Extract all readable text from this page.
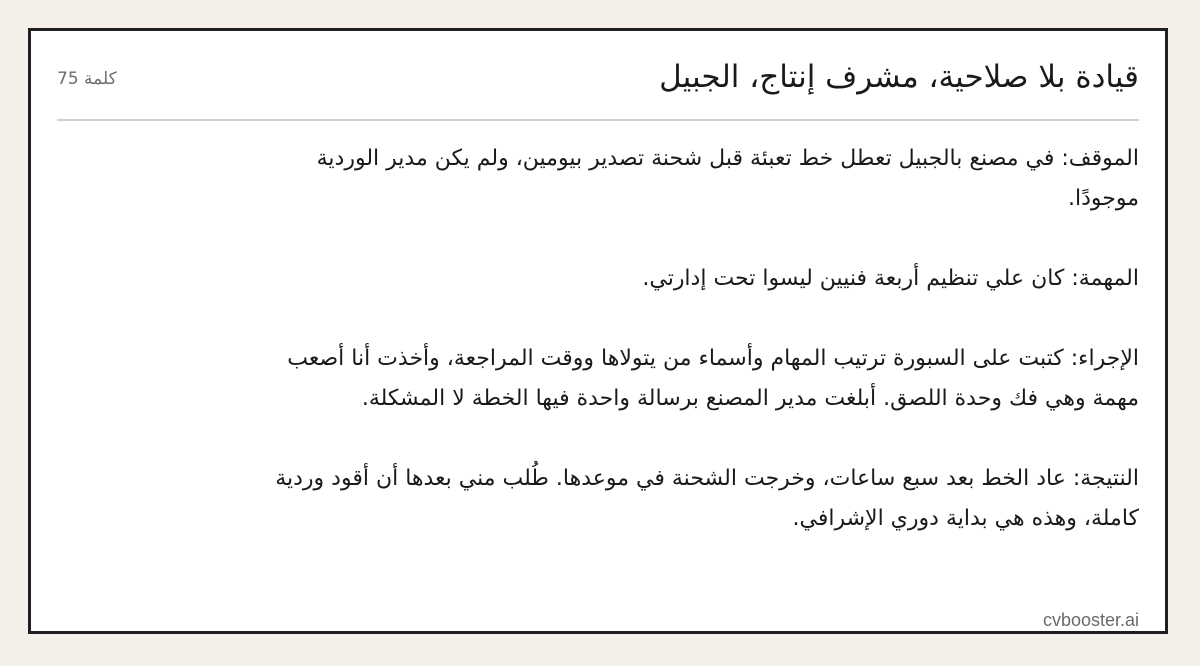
قيادة بلا صلاحية، مشرف إنتاج، الجبيل
75 كلمة

الموقف: في مصنع بالجبيل تعطل خط تعبئة قبل شحنة تصدير بيومين، ولم يكن مدير الوردية موجودًا.

المهمة: كان علي تنظيم أربعة فنيين ليسوا تحت إدارتي.

الإجراء: كتبت على السبورة ترتيب المهام وأسماء من يتولاها ووقت المراجعة، وأخذت أنا أصعب مهمة وهي فك وحدة اللصق. أبلغت مدير المصنع برسالة واحدة فيها الخطة لا المشكلة.

النتيجة: عاد الخط بعد سبع ساعات، وخرجت الشحنة في موعدها. طُلب مني بعدها أن أقود وردية كاملة، وهذه هي بداية دوري الإشرافي.

cvbooster.ai
